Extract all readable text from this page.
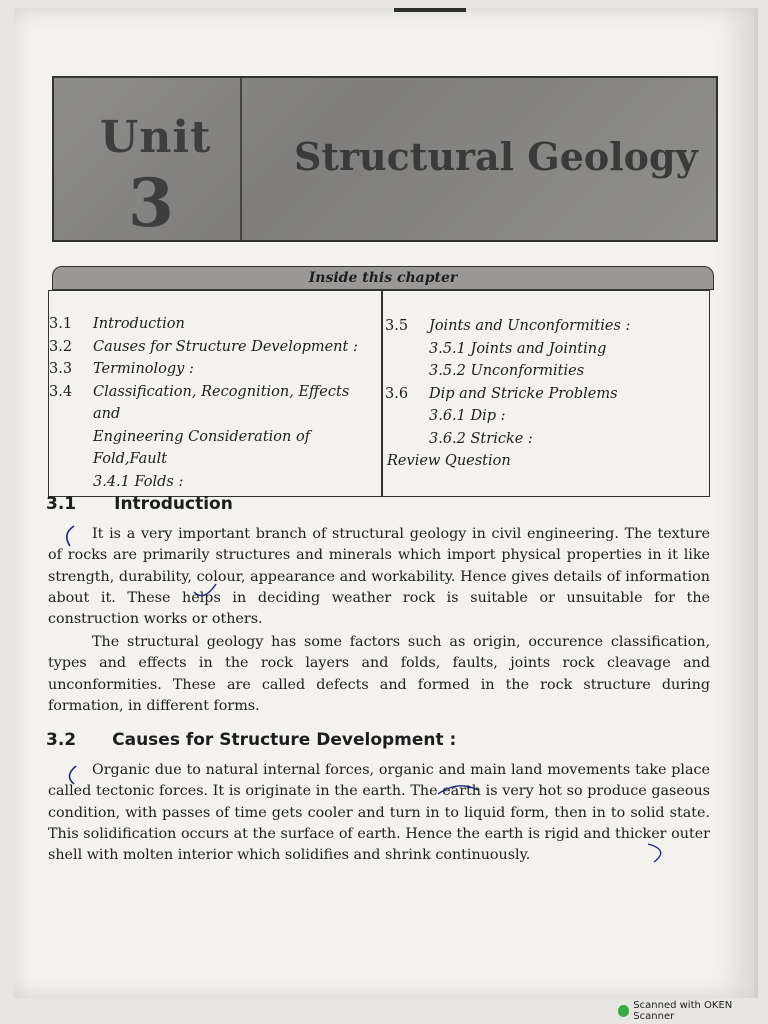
Unit
3
Structural Geology
Inside this chapter
3.1	Introduction
3.2	Causes for Structure Development :
3.3	Terminology :
3.4	Classification, Recognition, Effects and
Engineering Consideration of Fold,Fault
3.4.1 Folds :
3.5	Joints and Unconformities :
3.5.1 Joints and Jointing
3.5.2 Unconformities
3.6	Dip and Stricke Problems
3.6.1 Dip :
3.6.2 Stricke :
Review Question
3.1 Introduction
It is a very important branch of structural geology in civil engineering. The texture of rocks are primarily structures and minerals which import physical properties in it like strength, durability, colour, appearance and workability. Hence gives details of information about it. These helps in deciding weather rock is suitable or unsuitable for the construction works or others.
The structural geology has some factors such as origin, occurence classification, types and effects in the rock layers and folds, faults, joints rock cleavage and unconformities. These are called defects and formed in the rock structure during formation, in different forms.
3.2 Causes for Structure Development :
Organic due to natural internal forces, organic and main land movements take place called tectonic forces. It is originate in the earth. The earth is very hot so produce gaseous condition, with passes of time gets cooler and turn in to liquid form, then in to solid state. This solidification occurs at the surface of earth. Hence the earth is rigid and thicker outer shell with molten interior which solidifies and shrink continuously.
Scanned with OKEN Scanner
